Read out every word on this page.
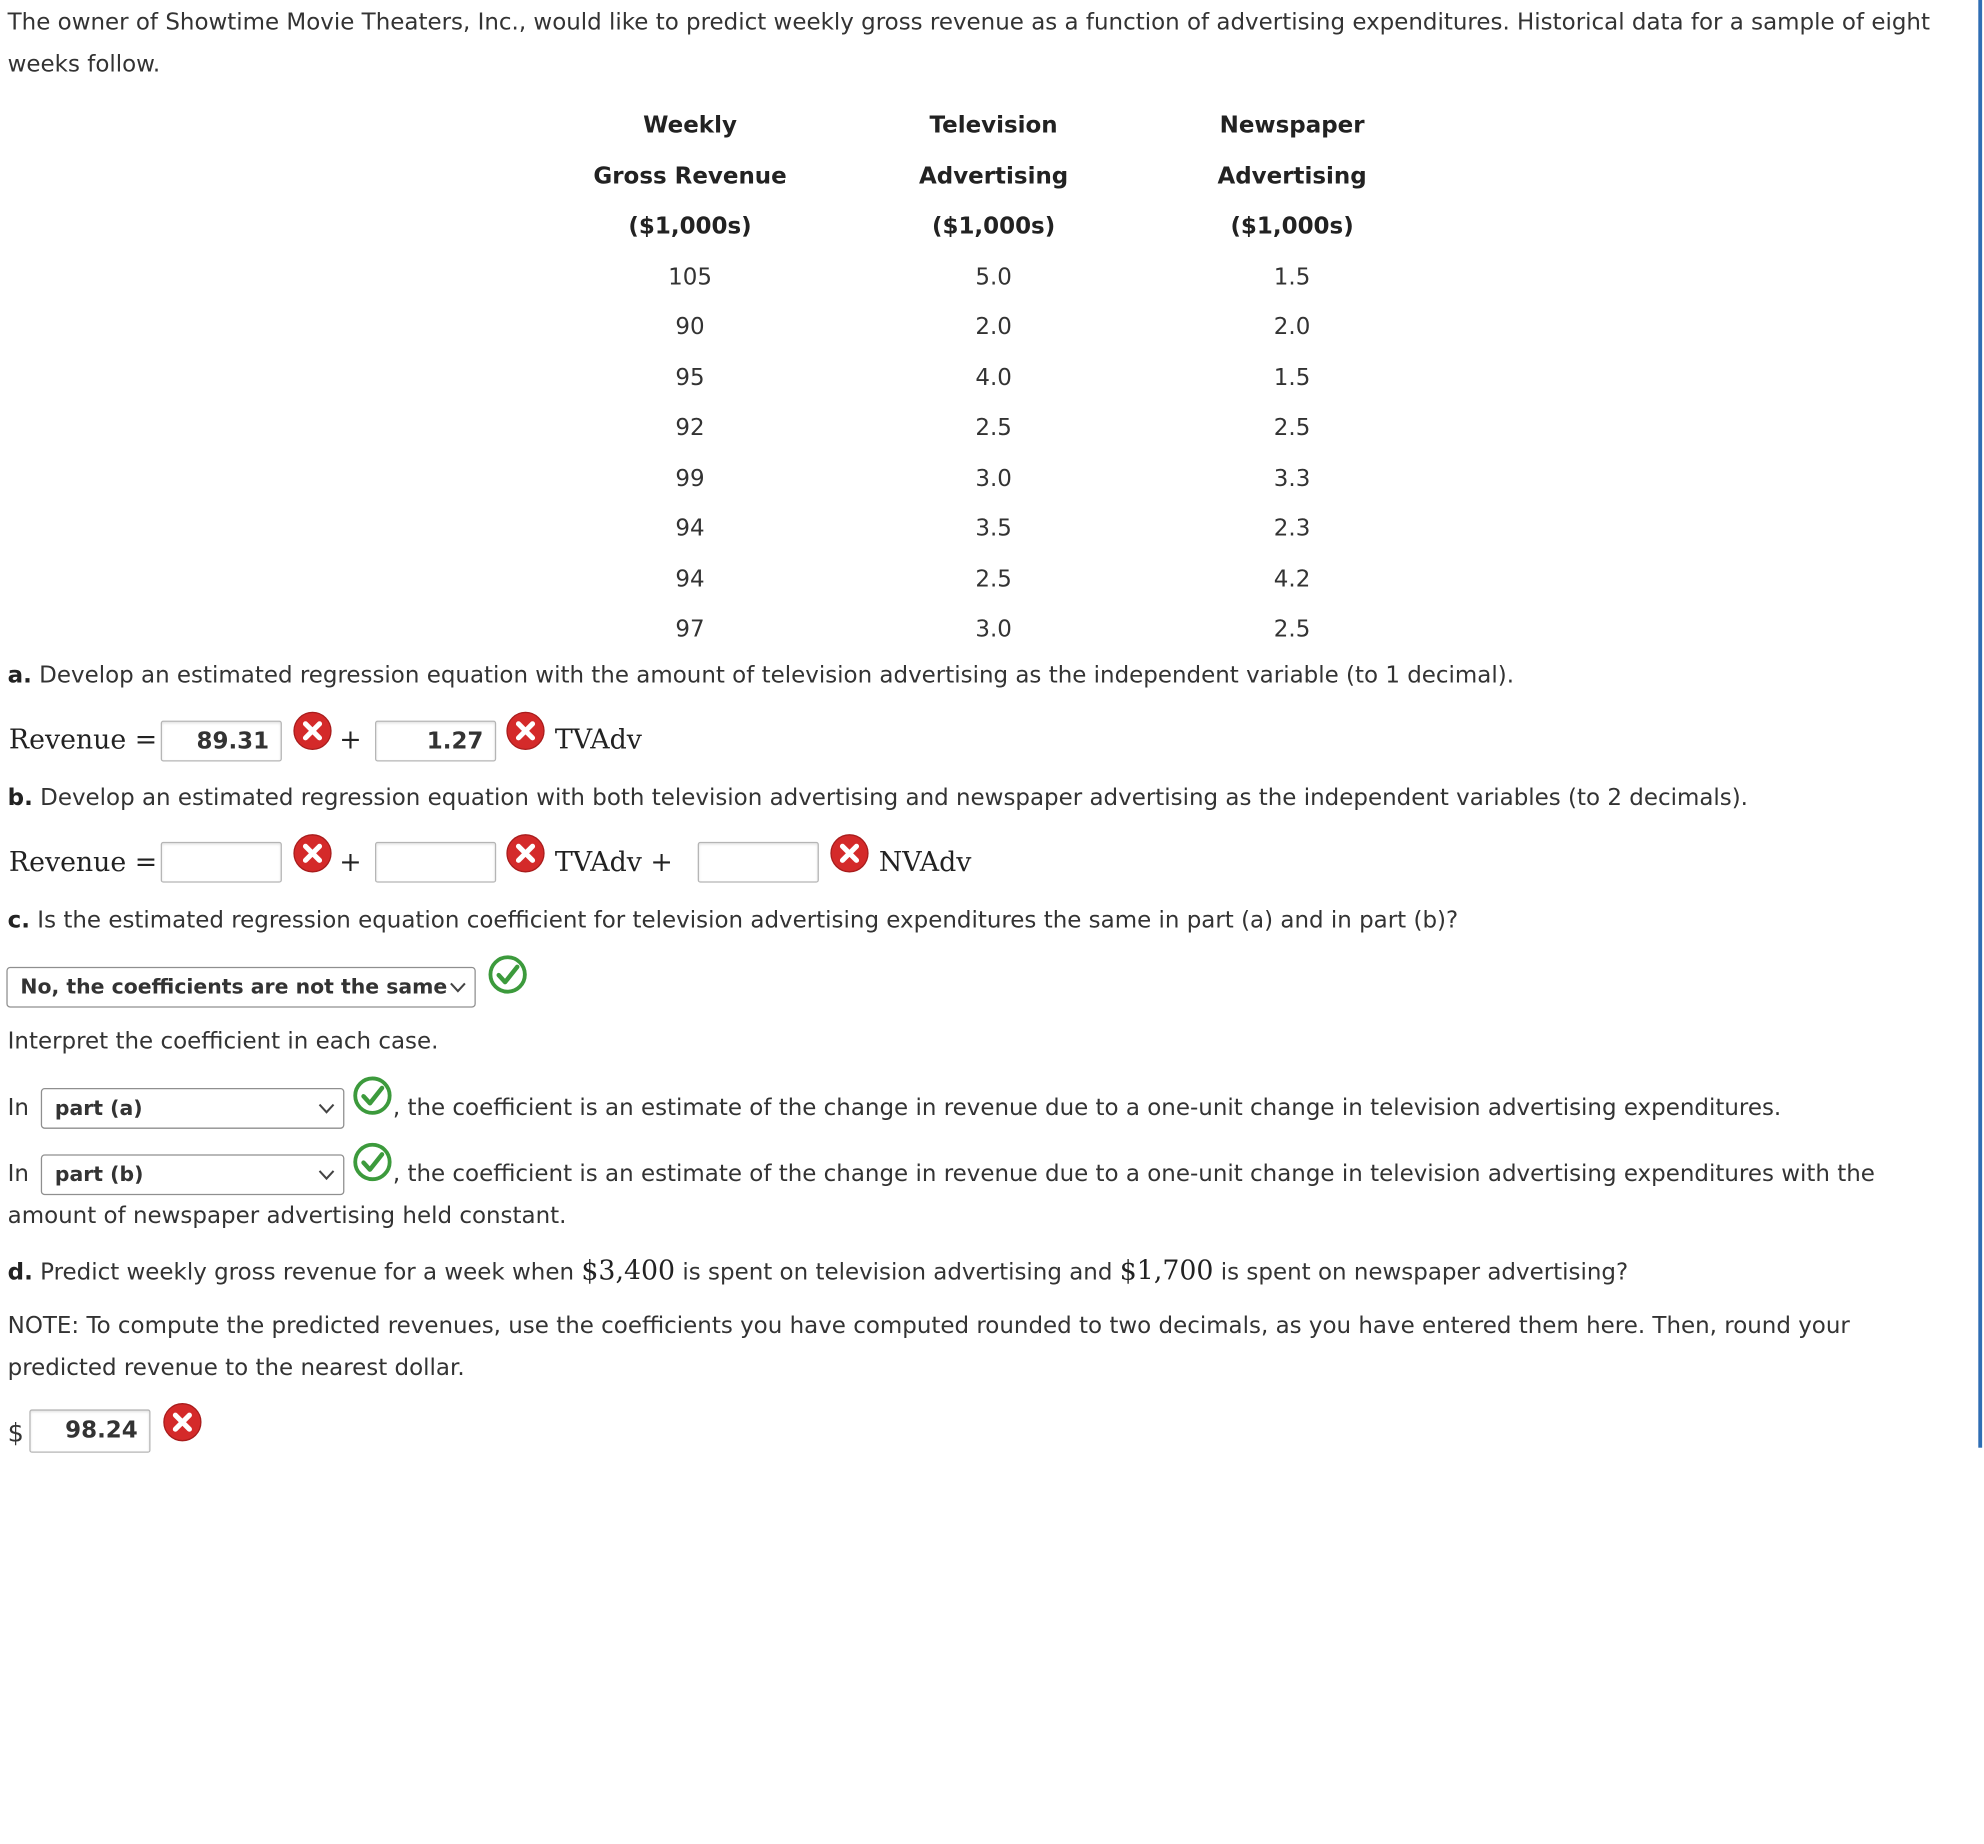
The owner of Showtime Movie Theaters, Inc., would like to predict weekly gross revenue as a function of advertising expenditures. Historical data for a sample of eight weeks follow.

Weekly	Television	Newspaper
Gross Revenue	Advertising	Advertising
($1,000s)	($1,000s)	($1,000s)
105	5.0	1.5
90	2.0	2.0
95	4.0	1.5
92	2.5	2.5
99	3.0	3.3
94	3.5	2.3
94	2.5	4.2
97	3.0	2.5

a. Develop an estimated regression equation with the amount of television advertising as the independent variable (to 1 decimal).

Revenue =	89.31	+	1.27	TVAdv

b. Develop an estimated regression equation with both television advertising and newspaper advertising as the independent variables (to 2 decimals).

Revenue =	+	TVAdv +	NVAdv

c. Is the estimated regression equation coefficient for television advertising expenditures the same in part (a) and in part (b)?

No, the coefficients are not the same

Interpret the coefficient in each case.

In	part (a)	, the coefficient is an estimate of the change in revenue due to a one-unit change in television advertising expenditures.

In	part (b)	, the coefficient is an estimate of the change in revenue due to a one-unit change in television advertising expenditures with the

amount of newspaper advertising held constant.

d. Predict weekly gross revenue for a week when $3,400 is spent on television advertising and $1,700 is spent on newspaper advertising?

NOTE: To compute the predicted revenues, use the coefficients you have computed rounded to two decimals, as you have entered them here. Then, round your

predicted revenue to the nearest dollar.

$	98.24
